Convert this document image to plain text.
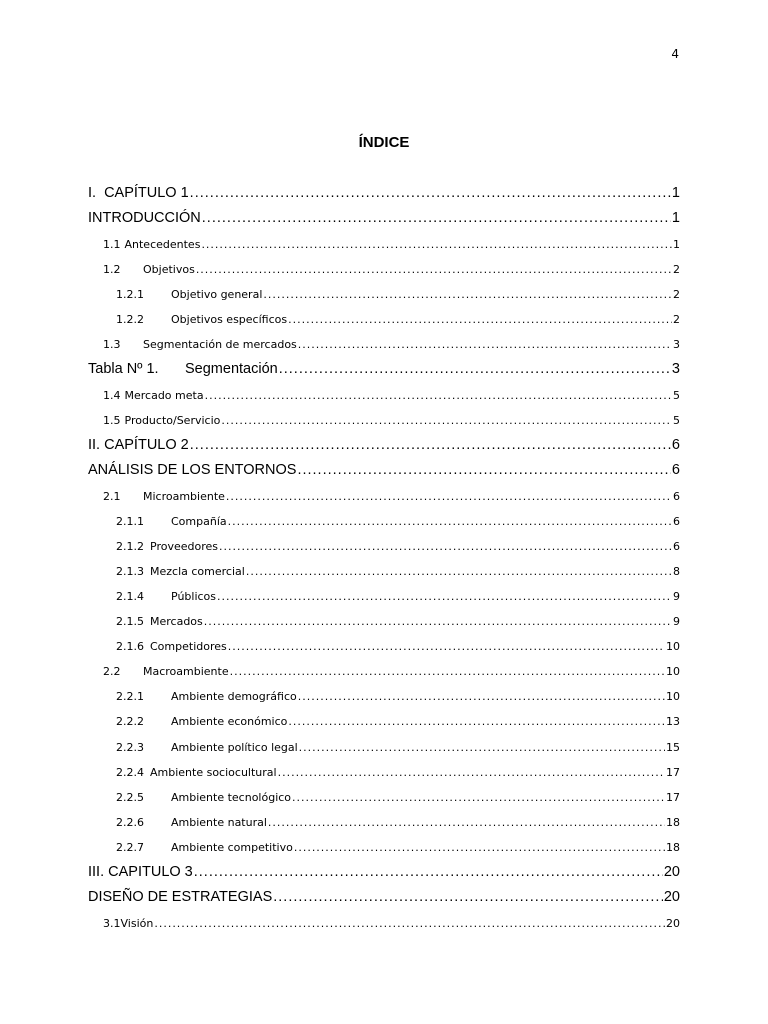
4
ÍNDICE
I. CAPÍTULO 1 .....	1
INTRODUCCIÓN .....	1
1.1 Antecedentes .....	1
1.2	Objetivos .....	2
1.2.1	Objetivo general .....	2
1.2.2	Objetivos específicos .....	2
1.3	Segmentación de mercados .....	3
Tabla Nº 1.	Segmentación .....	3
1.4 Mercado meta .....	5
1.5 Producto/Servicio .....	5
II. CAPÍTULO 2 .....	6
ANÁLISIS DE LOS ENTORNOS .....	6
2.1	Microambiente .....	6
2.1.1	Compañía .....	6
2.1.2 Proveedores .....	6
2.1.3 Mezcla comercial .....	8
2.1.4	Públicos .....	9
2.1.5 Mercados .....	9
2.1.6 Competidores .....	10
2.2	Macroambiente .....	10
2.2.1	Ambiente demográfico .....	10
2.2.2	Ambiente económico .....	13
2.2.3	Ambiente político legal .....	15
2.2.4 Ambiente sociocultural .....	17
2.2.5	Ambiente tecnológico .....	17
2.2.6	Ambiente natural .....	18
2.2.7	Ambiente competitivo .....	18
III. CAPITULO 3 .....	20
DISEÑO DE ESTRATEGIAS .....	20
3.1Visión .....	20
